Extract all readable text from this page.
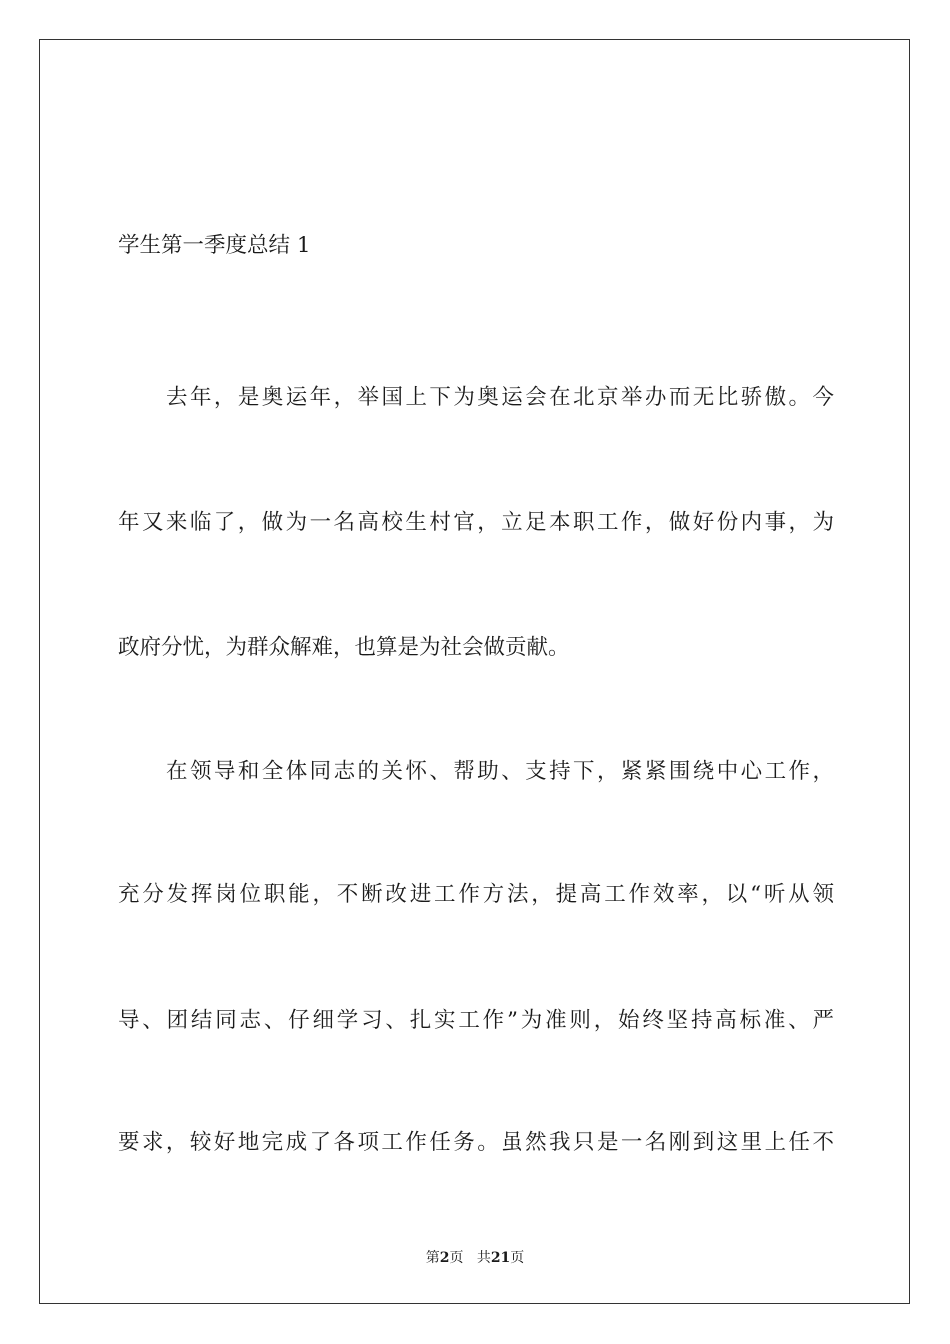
学生第一季度总结 1
去年，是奥运年，举国上下为奥运会在北京举办而无比骄傲。今
年又来临了，做为一名高校生村官，立足本职工作，做好份内事，为
政府分忧，为群众解难，也算是为社会做贡献。
在领导和全体同志的关怀、帮助、支持下，紧紧围绕中心工作，
充分发挥岗位职能，不断改进工作方法，提高工作效率，以“听从领
导、团结同志、仔细学习、扎实工作”为准则，始终坚持高标准、严
要求，较好地完成了各项工作任务。虽然我只是一名刚到这里上任不
第2页 共21页
